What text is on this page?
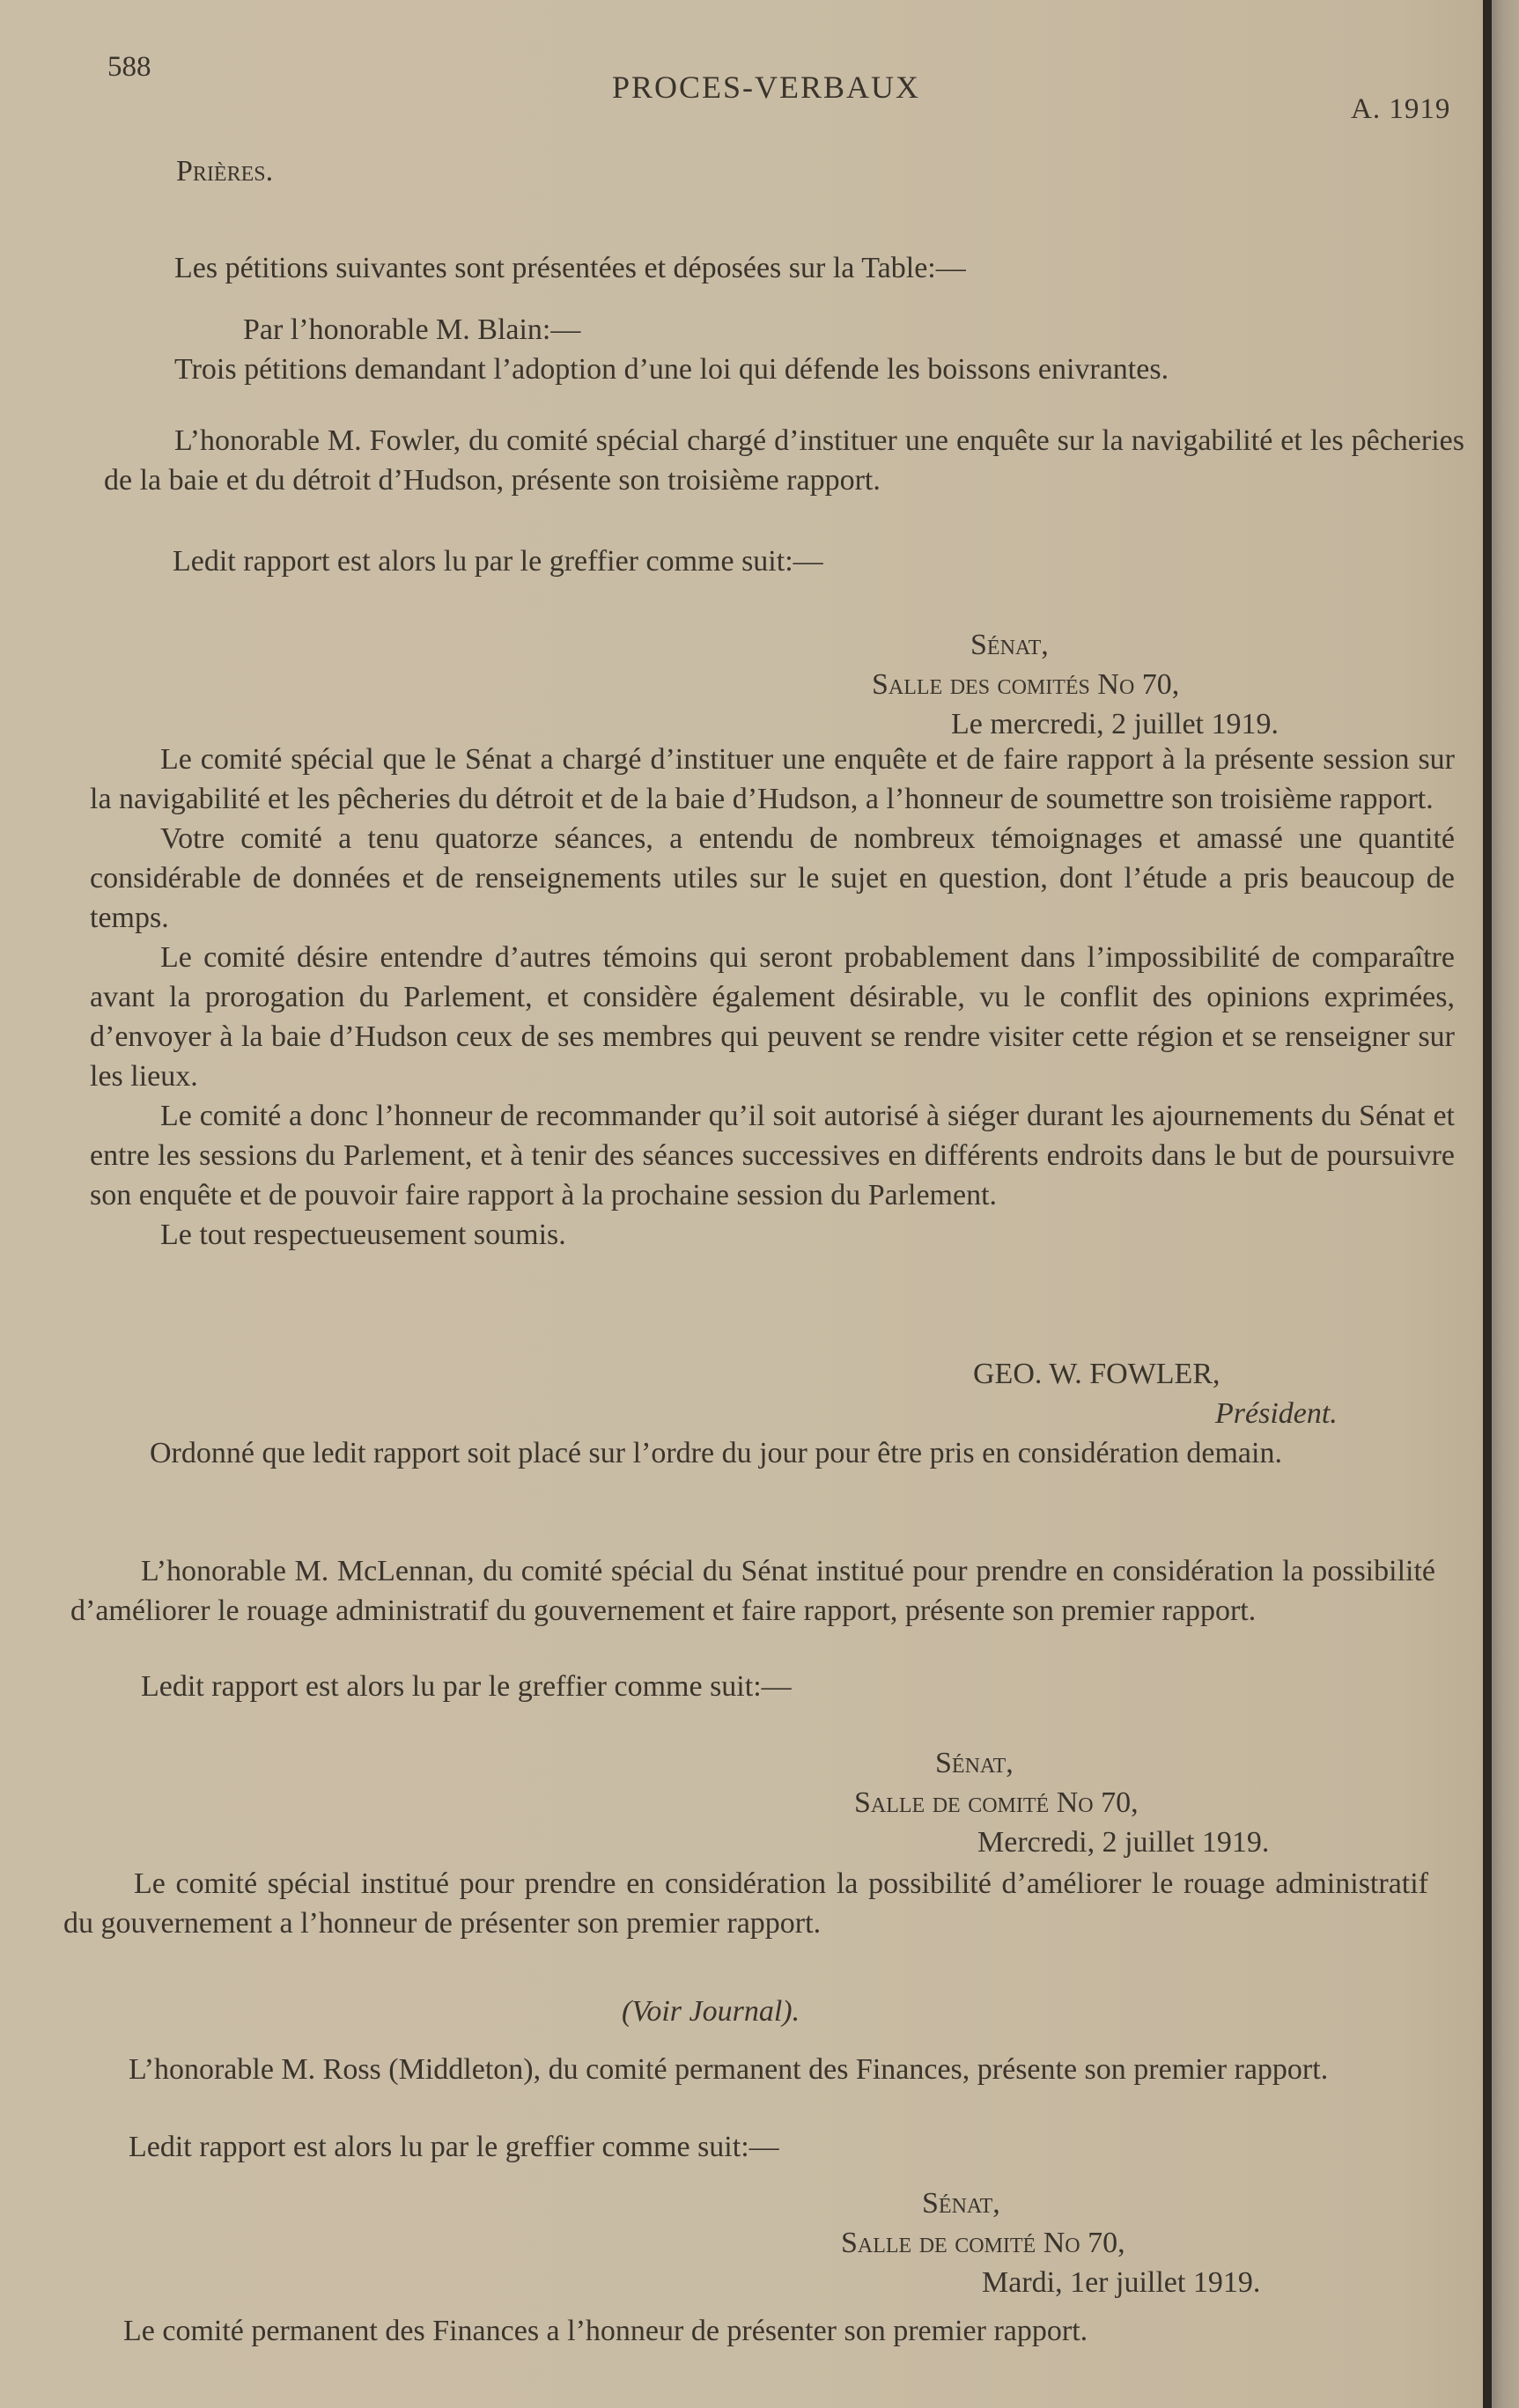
588
PROCES-VERBAUX
A. 1919
Prières.
Les pétitions suivantes sont présentées et déposées sur la Table:—

Par l’honorable M. Blain:—

Trois pétitions demandant l’adoption d’une loi qui défende les boissons enivrantes.

L’honorable M. Fowler, du comité spécial chargé d’instituer une enquête sur la navigabilité et les pêcheries de la baie et du détroit d’Hudson, présente son troisième rapport.
Ledit rapport est alors lu par le greffier comme suit:—

Sénat,

Salle des comités No 70,

Le mercredi, 2 juillet 1919.

Le comité spécial que le Sénat a chargé d’instituer une enquête et de faire rapport à la présente session sur la navigabilité et les pêcheries du détroit et de la baie d’Hudson, a l’honneur de soumettre son troisième rapport.

Votre comité a tenu quatorze séances, a entendu de nombreux témoignages et amassé une quantité considérable de données et de renseignements utiles sur le sujet en question, dont l’étude a pris beaucoup de temps.

Le comité désire entendre d’autres témoins qui seront probablement dans l’impossibilité de comparaître avant la prorogation du Parlement, et considère également désirable, vu le conflit des opinions exprimées, d’envoyer à la baie d’Hudson ceux de ses membres qui peuvent se rendre visiter cette région et se renseigner sur les lieux.

Le comité a donc l’honneur de recommander qu’il soit autorisé à siéger durant les ajournements du Sénat et entre les sessions du Parlement, et à tenir des séances successives en différents endroits dans le but de poursuivre son enquête et de pouvoir faire rapport à la prochaine session du Parlement.

Le tout respectueusement soumis.

GEO. W. FOWLER,

Président.

Ordonné que ledit rapport soit placé sur l’ordre du jour pour être pris en considération demain.
L’honorable M. McLennan, du comité spécial du Sénat institué pour prendre en considération la possibilité d’améliorer le rouage administratif du gouvernement et faire rapport, présente son premier rapport.
Ledit rapport est alors lu par le greffier comme suit:—

Sénat,

Salle de comité No 70,

Mercredi, 2 juillet 1919.

Le comité spécial institué pour prendre en considération la possibilité d’améliorer le rouage administratif du gouvernement a l’honneur de présenter son premier rapport.
(Voir Journal).
L’honorable M. Ross (Middleton), du comité permanent des Finances, présente son premier rapport.
Ledit rapport est alors lu par le greffier comme suit:—

Sénat,

Salle de comité No 70,

Mardi, 1er juillet 1919.

Le comité permanent des Finances a l’honneur de présenter son premier rapport.
